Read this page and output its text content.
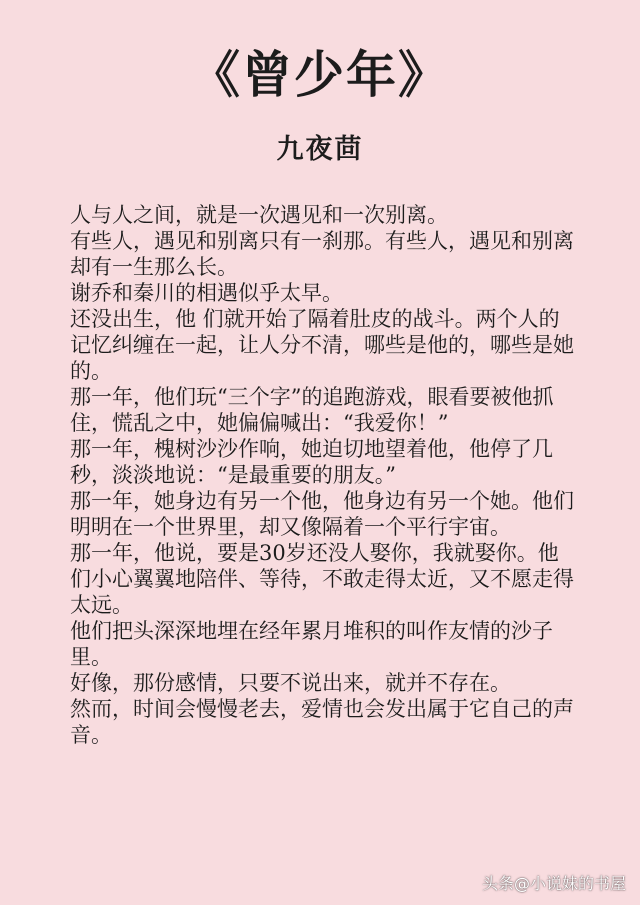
《曾少年》
九夜茴

人与人之间，就是一次遇见和一次别离。

有些人，遇见和别离只有一刹那。有些人，遇见和别离却有一生那么长。

谢乔和秦川的相遇似乎太早。

还没出生，他 们就开始了隔着肚皮的战斗。两个人的记忆纠缠在一起，让人分不清，哪些是他的，哪些是她的。

那一年，他们玩“三个字”的追跑游戏，眼看要被他抓住，慌乱之中，她偏偏喊出：“我爱你！”

那一年，槐树沙沙作响，她迫切地望着他，他停了几秒，淡淡地说：“是最重要的朋友。”

那一年，她身边有另一个他，他身边有另一个她。他们明明在一个世界里，却又像隔着一个平行宇宙。

那一年，他说，要是30岁还没人娶你，我就娶你。他们小心翼翼地陪伴、等待，不敢走得太近，又不愿走得太远。

他们把头深深地埋在经年累月堆积的叫作友情的沙子里。

好像，那份感情，只要不说出来，就并不存在。

然而，时间会慢慢老去，爱情也会发出属于它自己的声音。

头条@小说妹的书屋
